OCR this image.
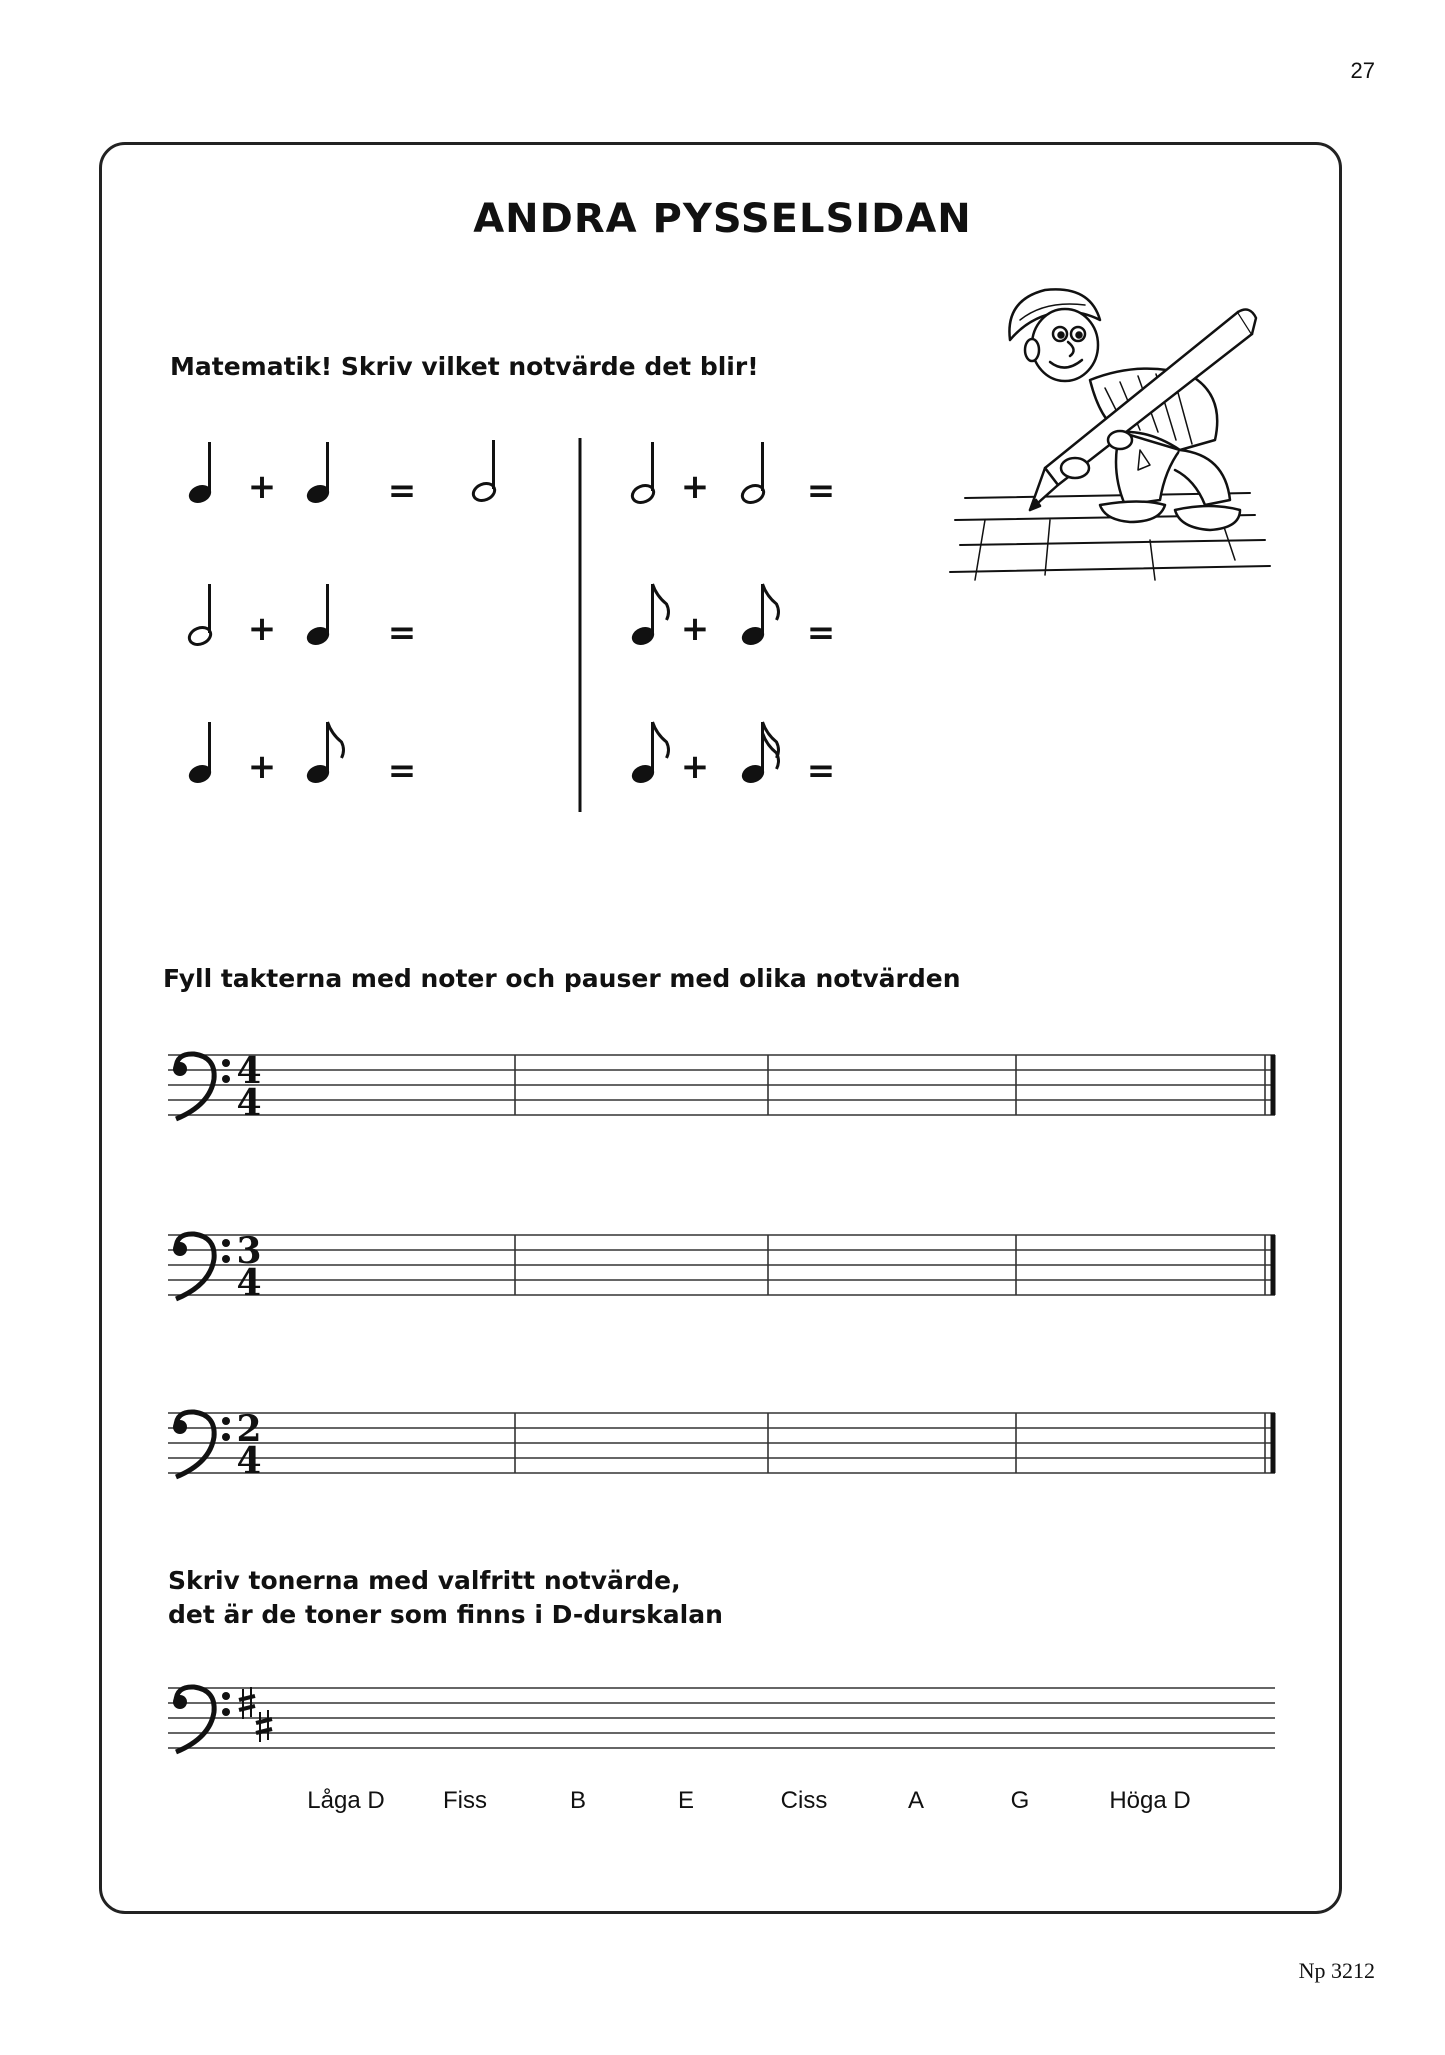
27
ANDRA PYSSELSIDAN
Matematik! Skriv vilket notvärde det blir!
Fyll takterna med noter och pauser med olika notvärden
Skriv tonerna med valfritt notvärde,
det är de toner som finns i D-durskalan
4
4
3
4
2
4
+	=
+	=
+	=
+	=
+	=
+	=
Låga D Fiss	B	E	Ciss	A	G	Höga D
Np 3212
